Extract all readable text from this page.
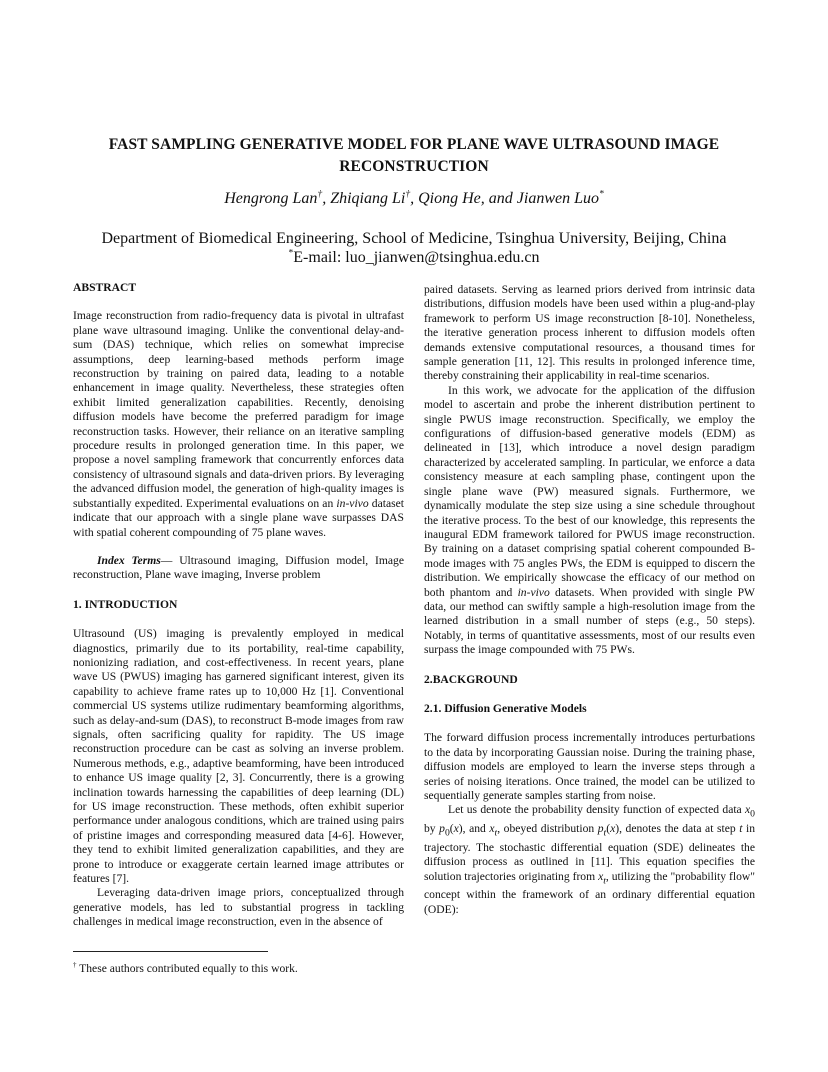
FAST SAMPLING GENERATIVE MODEL FOR PLANE WAVE ULTRASOUND IMAGE RECONSTRUCTION
Hengrong Lan†, Zhiqiang Li†, Qiong He, and Jianwen Luo*
Department of Biomedical Engineering, School of Medicine, Tsinghua University, Beijing, China
*E-mail: luo_jianwen@tsinghua.edu.cn

ABSTRACT

Image reconstruction from radio-frequency data is pivotal in ultrafast plane wave ultrasound imaging. Unlike the conventional delay-and-sum (DAS) technique, which relies on somewhat imprecise assumptions, deep learning-based methods perform image reconstruction by training on paired data, leading to a notable enhancement in image quality. Nevertheless, these strategies often exhibit limited generalization capabilities. Recently, denoising diffusion models have become the preferred paradigm for image reconstruction tasks. However, their reliance on an iterative sampling procedure results in prolonged generation time. In this paper, we propose a novel sampling framework that concurrently enforces data consistency of ultrasound signals and data-driven priors. By leveraging the advanced diffusion model, the generation of high-quality images is substantially expedited. Experimental evaluations on an in-vivo dataset indicate that our approach with a single plane wave surpasses DAS with spatial coherent compounding of 75 plane waves.

Index Terms— Ultrasound imaging, Diffusion model, Image reconstruction, Plane wave imaging, Inverse problem

1. INTRODUCTION

Ultrasound (US) imaging is prevalently employed in medical diagnostics, primarily due to its portability, real-time capability, nonionizing radiation, and cost-effectiveness. In recent years, plane wave US (PWUS) imaging has garnered significant interest, given its capability to achieve frame rates up to 10,000 Hz [1]. Conventional commercial US systems utilize rudimentary beamforming algorithms, such as delay-and-sum (DAS), to reconstruct B-mode images from raw signals, often sacrificing quality for rapidity. The US image reconstruction procedure can be cast as solving an inverse problem. Numerous methods, e.g., adaptive beamforming, have been introduced to enhance US image quality [2, 3]. Concurrently, there is a growing inclination towards harnessing the capabilities of deep learning (DL) for US image reconstruction. These methods, often exhibit superior performance under analogous conditions, which are trained using pairs of pristine images and corresponding measured data [4-6]. However, they tend to exhibit limited generalization capabilities, and they are prone to introduce or exaggerate certain learned image attributes or features [7].

Leveraging data-driven image priors, conceptualized through generative models, has led to substantial progress in tackling challenges in medical image reconstruction, even in the absence of

paired datasets. Serving as learned priors derived from intrinsic data distributions, diffusion models have been used within a plug-and-play framework to perform US image reconstruction [8-10]. Nonetheless, the iterative generation process inherent to diffusion models often demands extensive computational resources, a thousand times for sample generation [11, 12]. This results in prolonged inference time, thereby constraining their applicability in real-time scenarios.

In this work, we advocate for the application of the diffusion model to ascertain and probe the inherent distribution pertinent to single PWUS image reconstruction. Specifically, we employ the configurations of diffusion-based generative models (EDM) as delineated in [13], which introduce a novel design paradigm characterized by accelerated sampling. In particular, we enforce a data consistency measure at each sampling phase, contingent upon the single plane wave (PW) measured signals. Furthermore, we dynamically modulate the step size using a sine schedule throughout the iterative process. To the best of our knowledge, this represents the inaugural EDM framework tailored for PWUS image reconstruction. By training on a dataset comprising spatial coherent compounded B-mode images with 75 angles PWs, the EDM is equipped to discern the distribution. We empirically showcase the efficacy of our method on both phantom and in-vivo datasets. When provided with single PW data, our method can swiftly sample a high-resolution image from the learned distribution in a small number of steps (e.g., 50 steps). Notably, in terms of quantitative assessments, most of our results even surpass the image compounded with 75 PWs.

2.BACKGROUND

2.1. Diffusion Generative Models

The forward diffusion process incrementally introduces perturbations to the data by incorporating Gaussian noise. During the training phase, diffusion models are employed to learn the inverse steps through a series of noising iterations. Once trained, the model can be utilized to sequentially generate samples starting from noise.

Let us denote the probability density function of expected data $x_0$ by $p_0(x)$, and $x_t$, obeyed distribution $p_t(x)$, denotes the data at step t in trajectory. The stochastic differential equation (SDE) delineates the diffusion process as outlined in [11]. This equation specifies the solution trajectories originating from $x_t$, utilizing the "probability flow" concept within the framework of an ordinary differential equation (ODE):

† These authors contributed equally to this work.
